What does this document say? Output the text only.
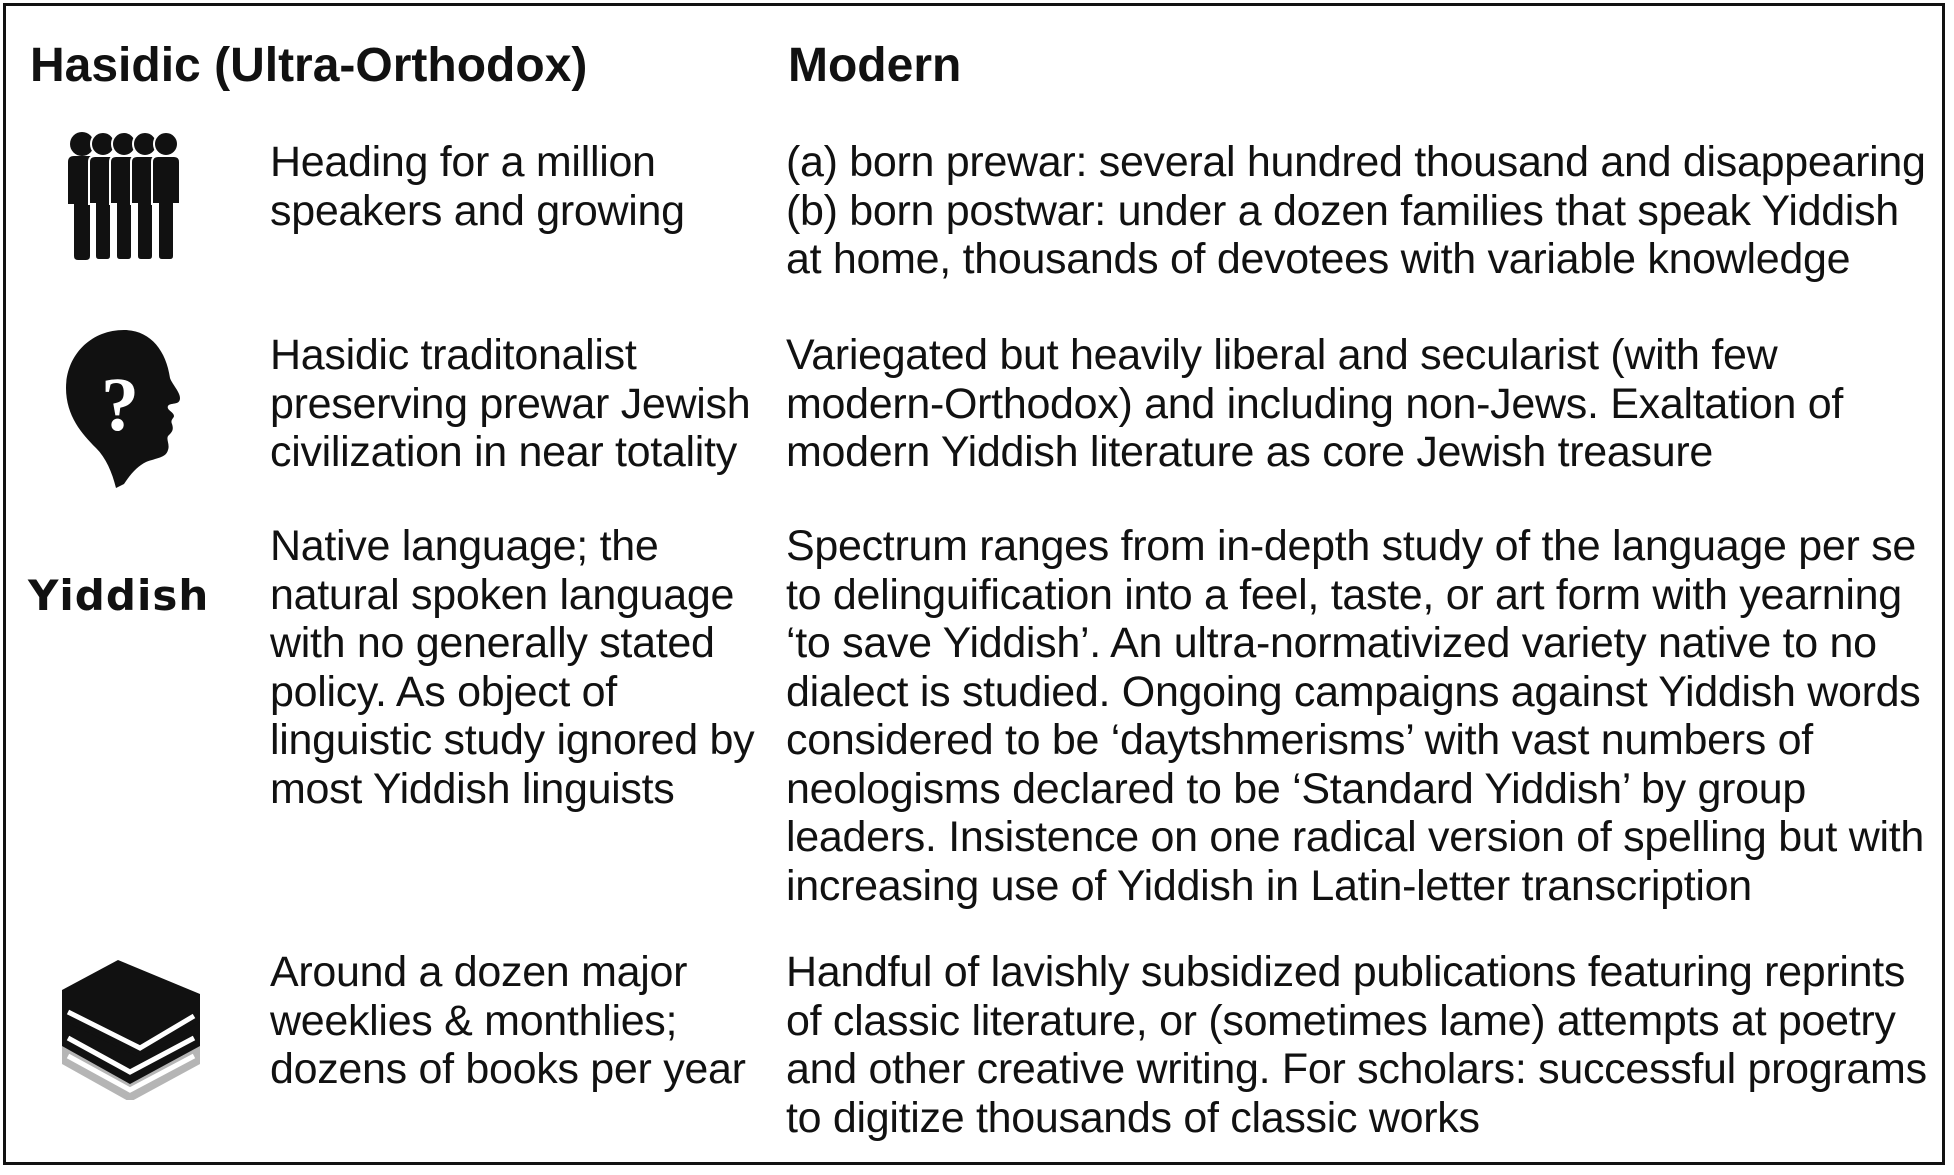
Hasidic (Ultra-Orthodox)	Modern
Heading for a million
speakers and growing
(a) born prewar: several hundred thousand and disappearing
(b) born postwar: under a dozen families that speak Yiddish
at home, thousands of devotees with variable knowledge
?
Hasidic traditonalist
preserving prewar Jewish
civilization in near totality
Variegated but heavily liberal and secularist (with few
modern-Orthodox) and including non-Jews. Exaltation of
modern Yiddish literature as core Jewish treasure
Yiddish
Native language; the
natural spoken language
with no generally stated
policy. As object of
linguistic study ignored by
most Yiddish linguists
Spectrum ranges from in-depth study of the language per se
to delinguification into a feel, taste, or art form with yearning
‘to save Yiddish’. An ultra-normativized variety native to no
dialect is studied. Ongoing campaigns against Yiddish words
considered to be ‘daytshmerisms’ with vast numbers of
neologisms declared to be ‘Standard Yiddish’ by group
leaders. Insistence on one radical version of spelling but with
increasing use of Yiddish in Latin-letter transcription
Around a dozen major
weeklies & monthlies;
dozens of books per year
Handful of lavishly subsidized publications featuring reprints
of classic literature, or (sometimes lame) attempts at poetry
and other creative writing. For scholars: successful programs
to digitize thousands of classic works
